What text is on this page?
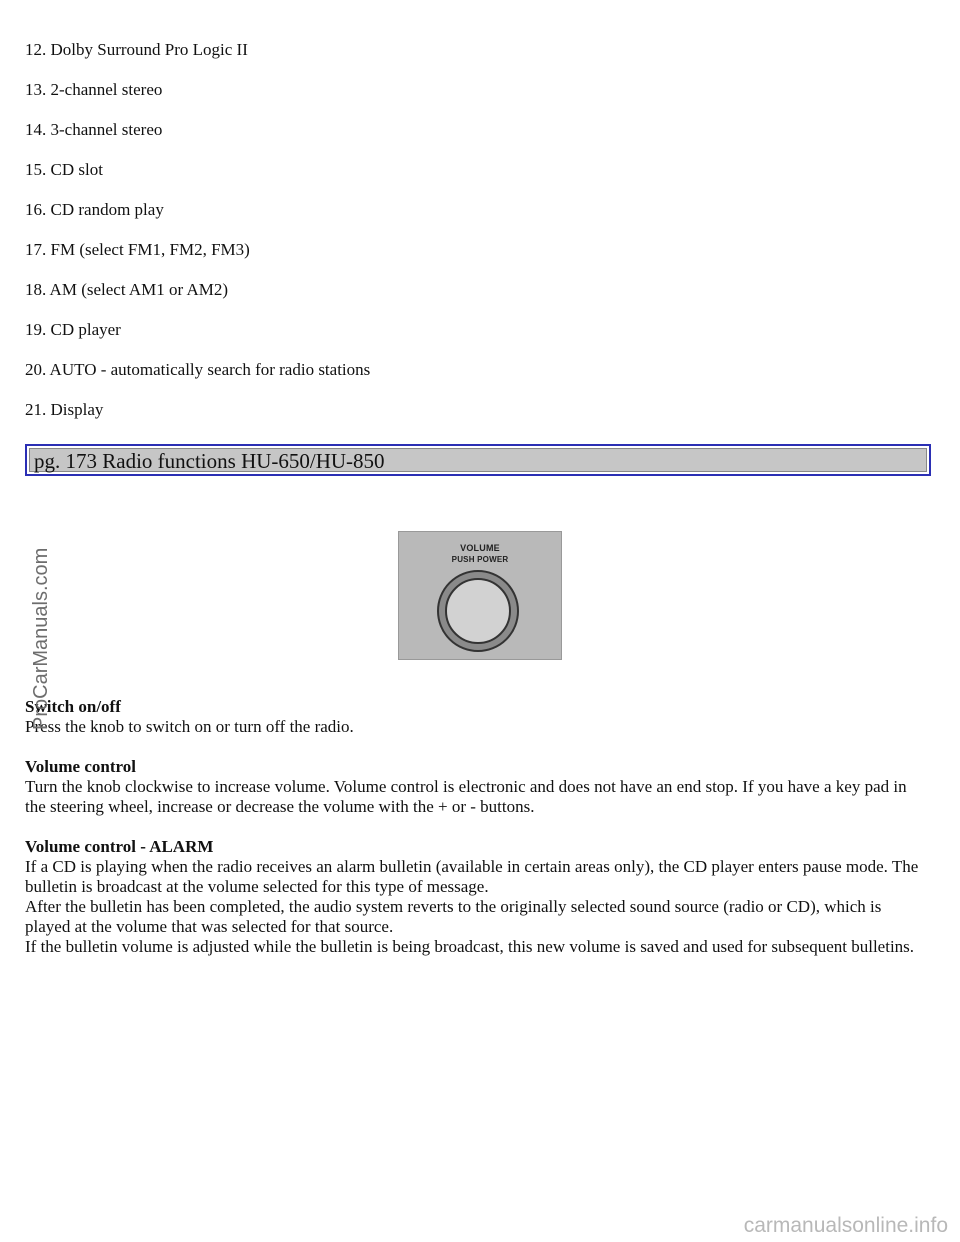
12. Dolby Surround Pro Logic II
13. 2-channel stereo
14. 3-channel stereo
15. CD slot
16. CD random play
17. FM (select FM1, FM2, FM3)
18. AM (select AM1 or AM2)
19. CD player
20. AUTO - automatically search for radio stations
21. Display
pg. 173 Radio functions HU-650/HU-850
VOLUME
PUSH POWER
Switch on/off

Press the knob to switch on or turn off the radio.

Volume control

Turn the knob clockwise to increase volume. Volume control is electronic and does not have an end stop. If you have a key pad in the steering wheel, increase or decrease the volume with the + or - buttons.

Volume control - ALARM

If a CD is playing when the radio receives an alarm bulletin (available in certain areas only), the CD player enters pause mode. The bulletin is broadcast at the volume selected for this type of message.

After the bulletin has been completed, the audio system reverts to the originally selected sound source (radio or CD), which is played at the volume that was selected for that source.

If the bulletin volume is adjusted while the bulletin is being broadcast, this new volume is saved and used for subsequent bulletins.

ProCarManuals.com
carmanualsonline.info
